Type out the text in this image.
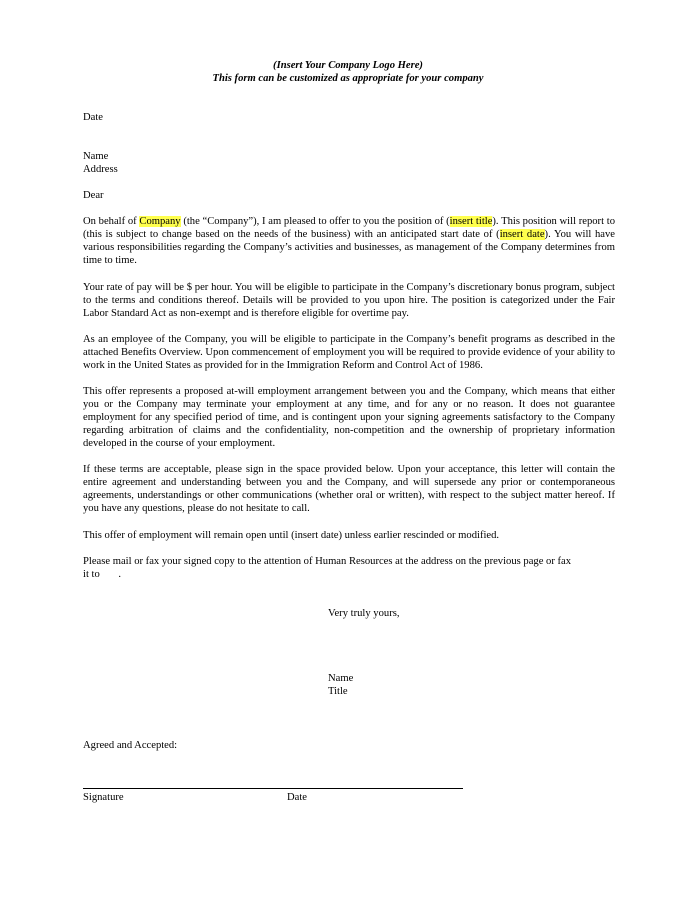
(Insert Your Company Logo Here)
This form can be customized as appropriate for your company
Date
Name
Address
Dear
On behalf of Company (the “Company”), I am pleased to offer to you the position of (insert title). This position will report to (this is subject to change based on the needs of the business) with an anticipated start date of (insert date). You will have various responsibilities regarding the Company’s activities and businesses, as management of the Company determines from time to time.
Your rate of pay will be $ per hour. You will be eligible to participate in the Company’s discretionary bonus program, subject to the terms and conditions thereof. Details will be provided to you upon hire. The position is categorized under the Fair Labor Standard Act as non-exempt and is therefore eligible for overtime pay.
As an employee of the Company, you will be eligible to participate in the Company’s benefit programs as described in the attached Benefits Overview. Upon commencement of employment you will be required to provide evidence of your ability to work in the United States as provided for in the Immigration Reform and Control Act of 1986.
This offer represents a proposed at-will employment arrangement between you and the Company, which means that either you or the Company may terminate your employment at any time, and for any or no reason. It does not guarantee employment for any specified period of time, and is contingent upon your signing agreements satisfactory to the Company regarding arbitration of claims and the confidentiality, non-competition and the ownership of proprietary information developed in the course of your employment.
If these terms are acceptable, please sign in the space provided below. Upon your acceptance, this letter will contain the entire agreement and understanding between you and the Company, and will supersede any prior or contemporaneous agreements, understandings or other communications (whether oral or written), with respect to the subject matter hereof. If you have any questions, please do not hesitate to call.
This offer of employment will remain open until (insert date) unless earlier rescinded or modified.
Please mail or fax your signed copy to the attention of Human Resources at the address on the previous page or fax
it to       .
Very truly yours,
Name
Title
Agreed and Accepted:
Signature	Date
